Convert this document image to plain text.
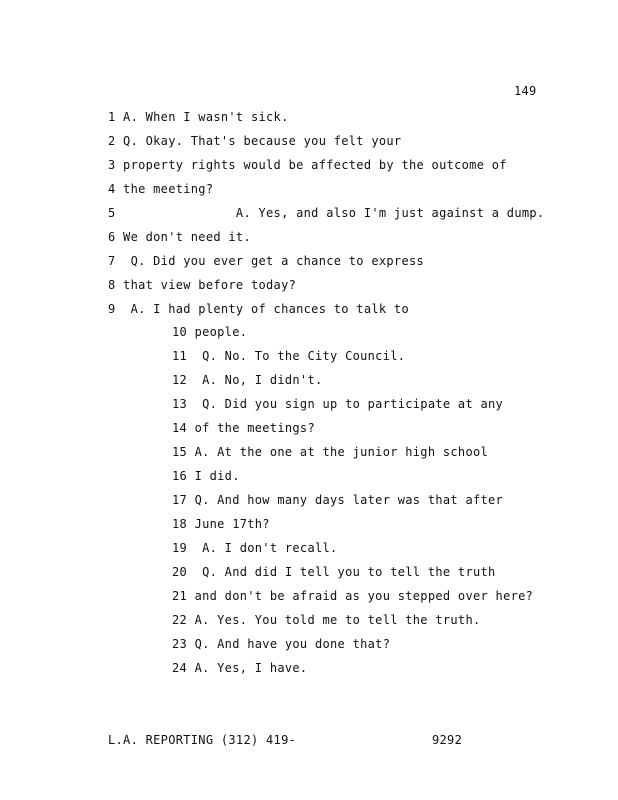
149
1 A. When I wasn't sick.
2 Q. Okay. That's because you felt your
3 property rights would be affected by the outcome of
4 the meeting?
5                A. Yes, and also I'm just against a dump.
6 We don't need it.
7  Q. Did you ever get a chance to express
8 that view before today?
9  A. I had plenty of chances to talk to
10 people.
11  Q. No. To the City Council.
12  A. No, I didn't.
13  Q. Did you sign up to participate at any
14 of the meetings?
15 A. At the one at the junior high school
16 I did.
17 Q. And how many days later was that after
18 June 17th?
19  A. I don't recall.
20  Q. And did I tell you to tell the truth
21 and don't be afraid as you stepped over here?
22 A. Yes. You told me to tell the truth.
23 Q. And have you done that?
24 A. Yes, I have.

L.A. REPORTING (312) 419-

	9292
